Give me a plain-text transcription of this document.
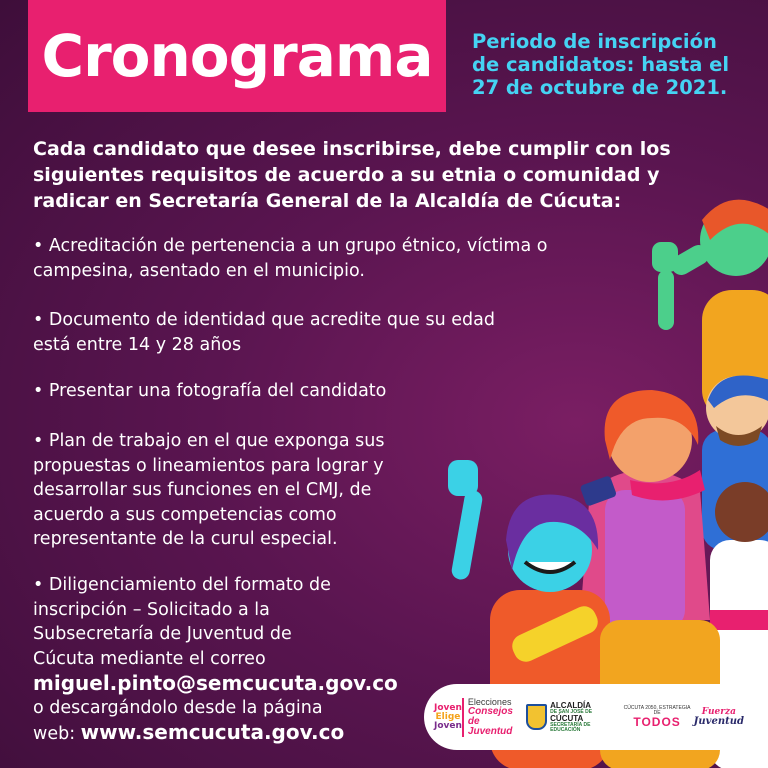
Cronograma Periodo de inscripción
de candidatos: hasta el
27 de octubre de 2021.
Cada candidato que desee inscribirse, debe cumplir con los
siguientes requisitos de acuerdo a su etnia o comunidad y
radicar en Secretaría General de la Alcaldía de Cúcuta:
• Acreditación de pertenencia a un grupo étnico, víctima o
campesina, asentado en el municipio.
• Documento de identidad que acredite que su edad
está entre 14 y 28 años
• Presentar una fotografía del candidato
• Plan de trabajo en el que exponga sus
propuestas o lineamientos para lograr y
desarrollar sus funciones en el CMJ, de
acuerdo a sus competencias como
representante de la curul especial.
• Diligenciamiento del formato de
inscripción – Solicitado a la
Subsecretaría de Juventud de
Cúcuta mediante el correo
miguel.pinto@semcucuta.gov.co
o descargándolo desde la página
web: www.semcucuta.gov.co
Joven
Elige
Joven
Elecciones
Consejos
de Juventud
ALCALDÍA
DE SAN JOSÉ DE
CÚCUTA
SECRETARÍA DE EDUCACIÓN
CÚCUTA 2050, ESTRATEGIA DE
TODOS
Fuerza
Juventud
